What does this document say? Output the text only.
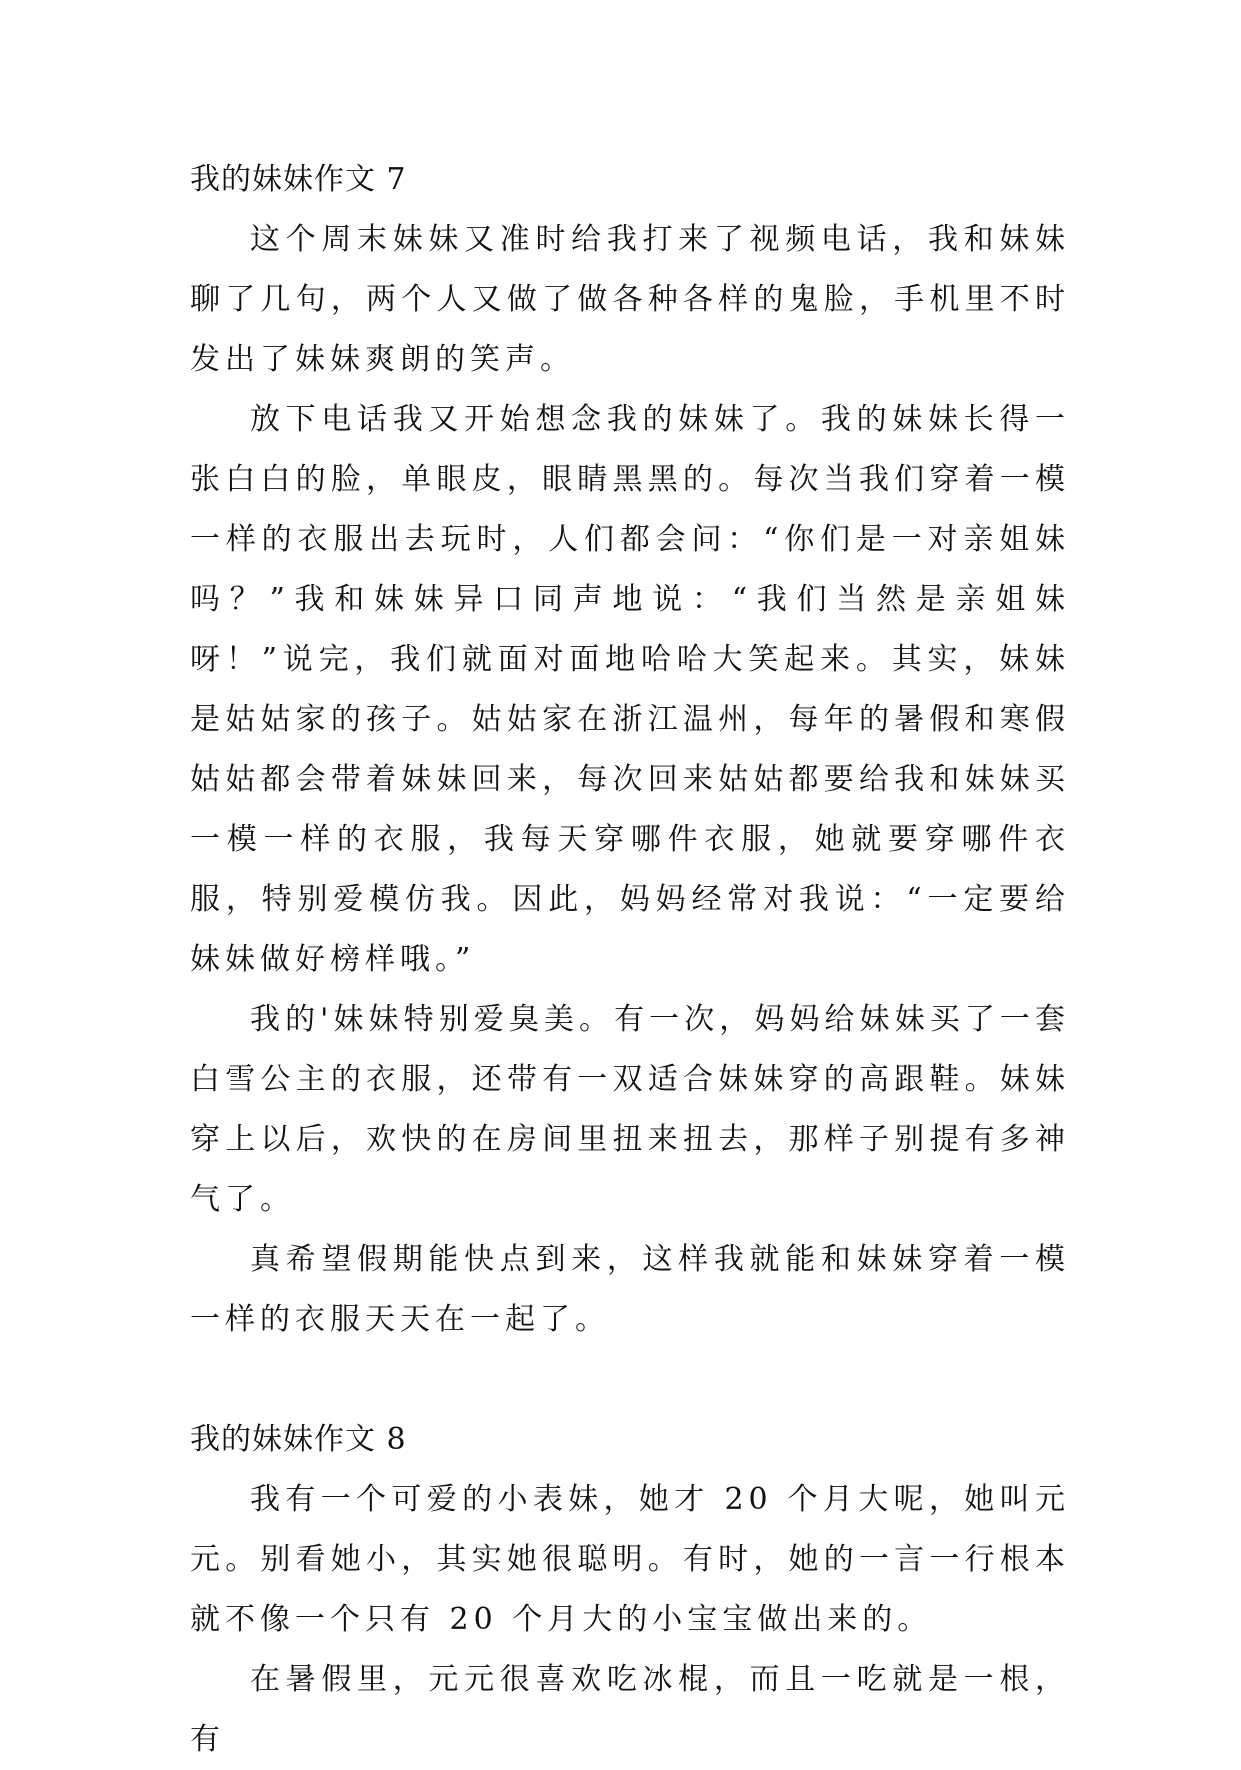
我的妹妹作文 7

这个周末妹妹又准时给我打来了视频电话，我和妹妹聊了几句，两个人又做了做各种各样的鬼脸，手机里不时发出了妹妹爽朗的笑声。

放下电话我又开始想念我的妹妹了。我的妹妹长得一张白白的脸，单眼皮，眼睛黑黑的。每次当我们穿着一模一样的衣服出去玩时，人们都会问：“你们是一对亲姐妹吗？”我和妹妹异口同声地说：“我们当然是亲姐妹呀！”说完，我们就面对面地哈哈大笑起来。其实，妹妹是姑姑家的孩子。姑姑家在浙江温州，每年的暑假和寒假姑姑都会带着妹妹回来，每次回来姑姑都要给我和妹妹买一模一样的衣服，我每天穿哪件衣服，她就要穿哪件衣服，特别爱模仿我。因此，妈妈经常对我说：“一定要给妹妹做好榜样哦。”

我的'妹妹特别爱臭美。有一次，妈妈给妹妹买了一套白雪公主的衣服，还带有一双适合妹妹穿的高跟鞋。妹妹穿上以后，欢快的在房间里扭来扭去，那样子别提有多神气了。

真希望假期能快点到来，这样我就能和妹妹穿着一模一样的衣服天天在一起了。

我的妹妹作文 8

我有一个可爱的小表妹，她才 20 个月大呢，她叫元元。别看她小，其实她很聪明。有时，她的一言一行根本就不像一个只有 20 个月大的小宝宝做出来的。

在暑假里，元元很喜欢吃冰棍，而且一吃就是一根，有
